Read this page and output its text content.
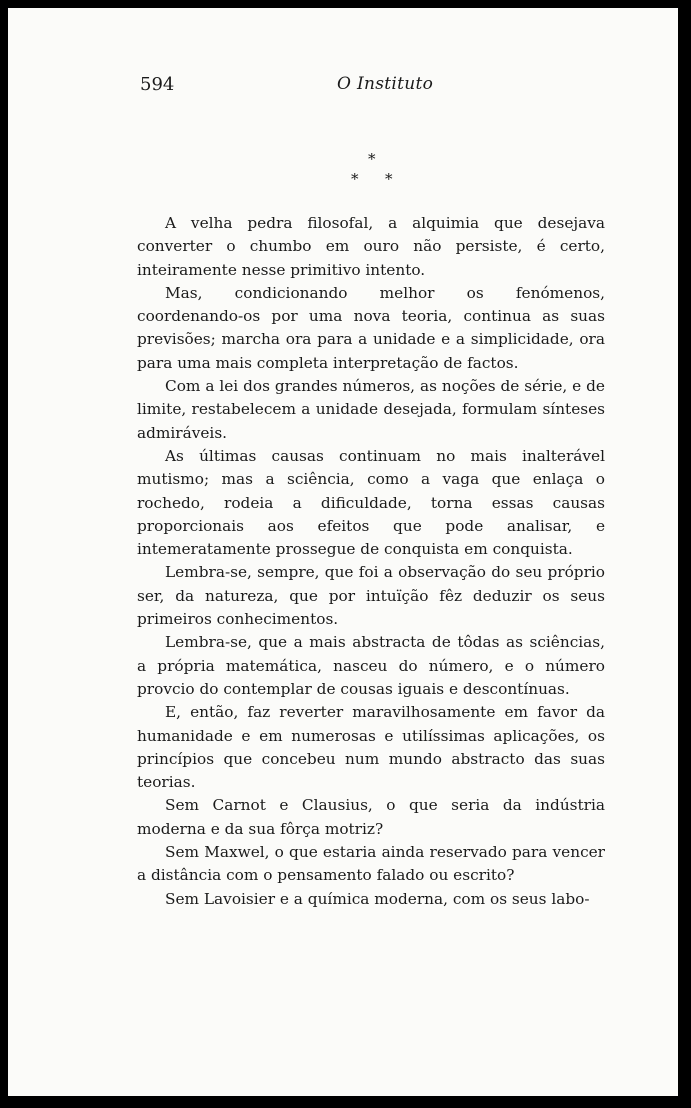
594	O Instituto
*
* *

A velha pedra filosofal, a alquimia que desejava converter o chumbo em ouro não persiste, é certo, inteiramente nesse primitivo intento.

Mas, condicionando melhor os fenómenos, coordenando-os por uma nova teoria, continua as suas previsões; marcha ora para a unidade e a simplicidade, ora para uma mais completa interpretação de factos.

Com a lei dos grandes números, as noções de série, e de limite, restabelecem a unidade desejada, formulam sínteses admiráveis.

As últimas causas continuam no mais inalterável mutismo; mas a sciência, como a vaga que enlaça o rochedo, rodeia a dificuldade, torna essas causas proporcionais aos efeitos que pode analisar, e intemeratamente prossegue de conquista em conquista.

Lembra-se, sempre, que foi a observação do seu próprio ser, da natureza, que por intuïção fêz deduzir os seus primeiros conhecimentos.

Lembra-se, que a mais abstracta de tôdas as sciências, a própria matemática, nasceu do número, e o número provcio do contemplar de cousas iguais e descontínuas.

E, então, faz reverter maravilhosamente em favor da humanidade e em numerosas e utilíssimas aplicações, os princípios que concebeu num mundo abstracto das suas teorias.

Sem Carnot e Clausius, o que seria da indústria moderna e da sua fôrça motriz?

Sem Maxwel, o que estaria ainda reservado para vencer a distância com o pensamento falado ou escrito?

Sem Lavoisier e a química moderna, com os seus labo-
